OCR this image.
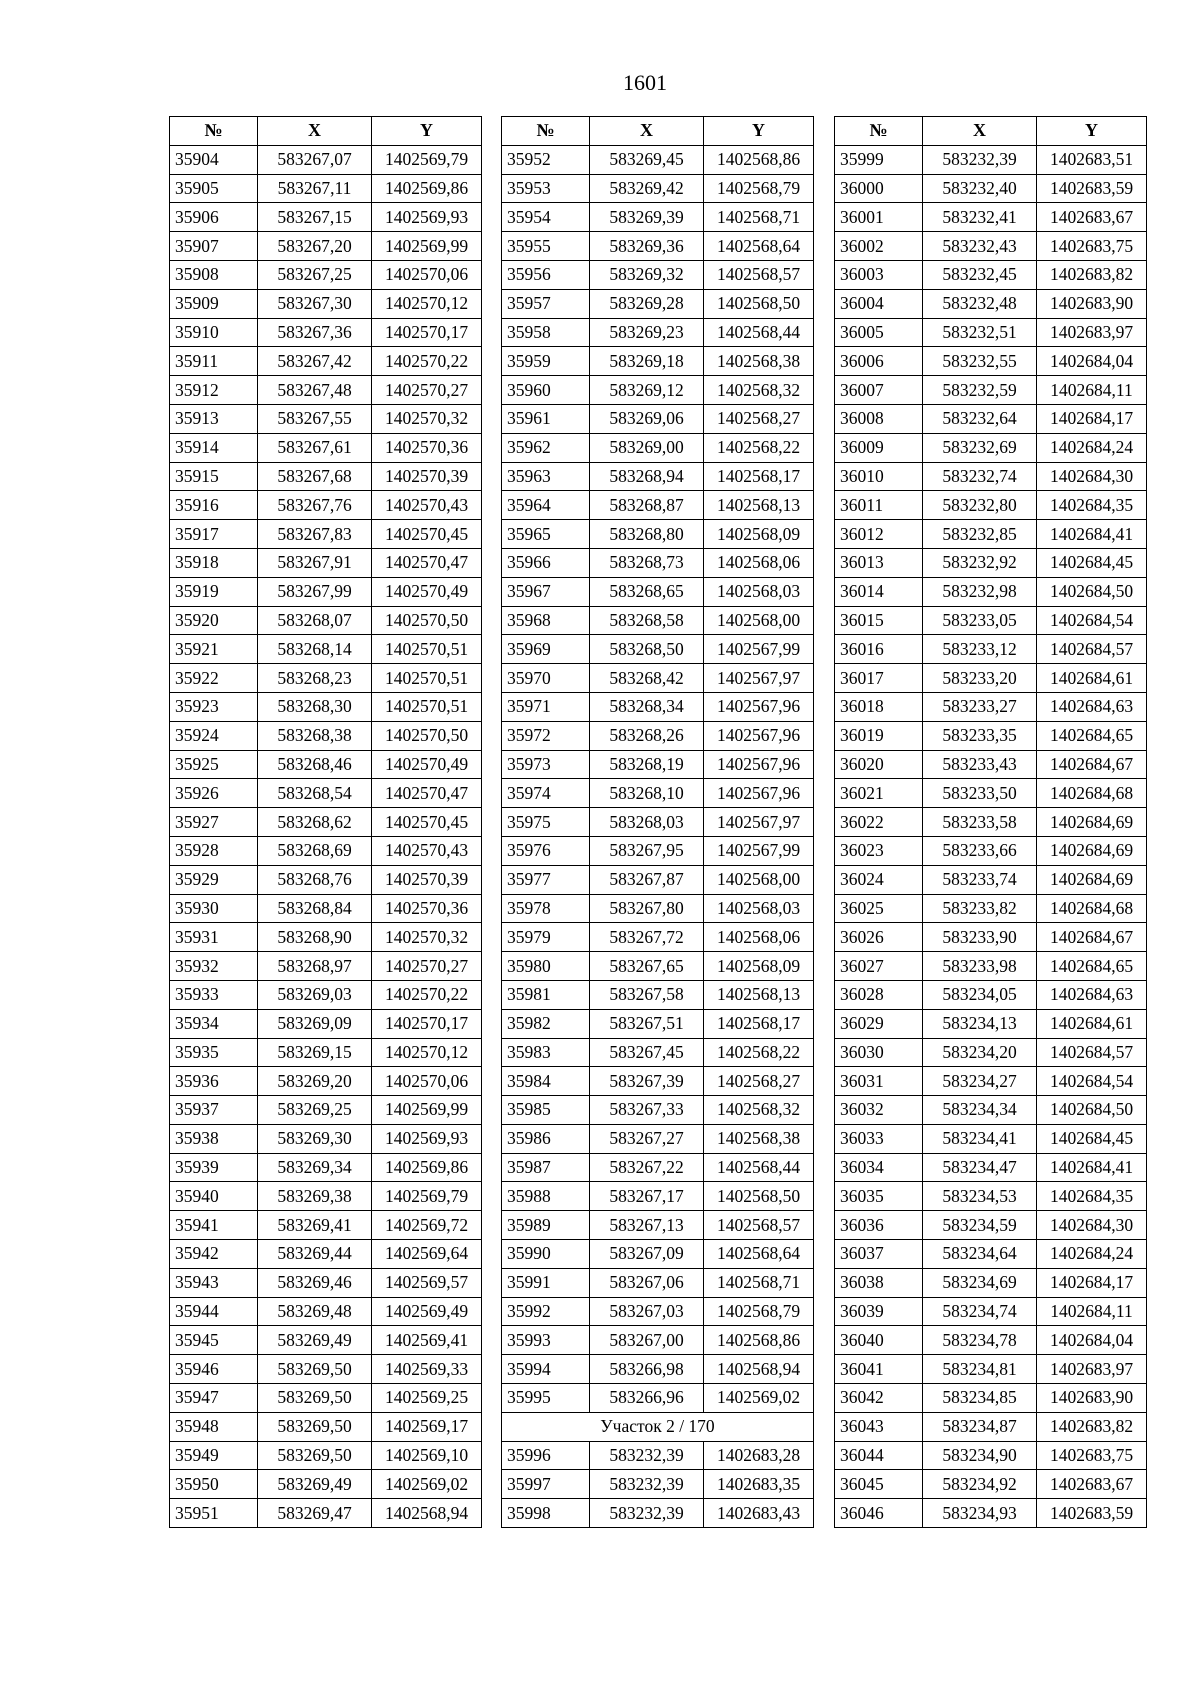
1601
№	X	Y
35904	583267,07	1402569,79
35905	583267,11	1402569,86
35906	583267,15	1402569,93
35907	583267,20	1402569,99
35908	583267,25	1402570,06
35909	583267,30	1402570,12
35910	583267,36	1402570,17
35911	583267,42	1402570,22
35912	583267,48	1402570,27
35913	583267,55	1402570,32
35914	583267,61	1402570,36
35915	583267,68	1402570,39
35916	583267,76	1402570,43
35917	583267,83	1402570,45
35918	583267,91	1402570,47
35919	583267,99	1402570,49
35920	583268,07	1402570,50
35921	583268,14	1402570,51
35922	583268,23	1402570,51
35923	583268,30	1402570,51
35924	583268,38	1402570,50
35925	583268,46	1402570,49
35926	583268,54	1402570,47
35927	583268,62	1402570,45
35928	583268,69	1402570,43
35929	583268,76	1402570,39
35930	583268,84	1402570,36
35931	583268,90	1402570,32
35932	583268,97	1402570,27
35933	583269,03	1402570,22
35934	583269,09	1402570,17
35935	583269,15	1402570,12
35936	583269,20	1402570,06
35937	583269,25	1402569,99
35938	583269,30	1402569,93
35939	583269,34	1402569,86
35940	583269,38	1402569,79
35941	583269,41	1402569,72
35942	583269,44	1402569,64
35943	583269,46	1402569,57
35944	583269,48	1402569,49
35945	583269,49	1402569,41
35946	583269,50	1402569,33
35947	583269,50	1402569,25
35948	583269,50	1402569,17
35949	583269,50	1402569,10
35950	583269,49	1402569,02
35951	583269,47	1402568,94
№	X	Y
35952	583269,45	1402568,86
35953	583269,42	1402568,79
35954	583269,39	1402568,71
35955	583269,36	1402568,64
35956	583269,32	1402568,57
35957	583269,28	1402568,50
35958	583269,23	1402568,44
35959	583269,18	1402568,38
35960	583269,12	1402568,32
35961	583269,06	1402568,27
35962	583269,00	1402568,22
35963	583268,94	1402568,17
35964	583268,87	1402568,13
35965	583268,80	1402568,09
35966	583268,73	1402568,06
35967	583268,65	1402568,03
35968	583268,58	1402568,00
35969	583268,50	1402567,99
35970	583268,42	1402567,97
35971	583268,34	1402567,96
35972	583268,26	1402567,96
35973	583268,19	1402567,96
35974	583268,10	1402567,96
35975	583268,03	1402567,97
35976	583267,95	1402567,99
35977	583267,87	1402568,00
35978	583267,80	1402568,03
35979	583267,72	1402568,06
35980	583267,65	1402568,09
35981	583267,58	1402568,13
35982	583267,51	1402568,17
35983	583267,45	1402568,22
35984	583267,39	1402568,27
35985	583267,33	1402568,32
35986	583267,27	1402568,38
35987	583267,22	1402568,44
35988	583267,17	1402568,50
35989	583267,13	1402568,57
35990	583267,09	1402568,64
35991	583267,06	1402568,71
35992	583267,03	1402568,79
35993	583267,00	1402568,86
35994	583266,98	1402568,94
35995	583266,96	1402569,02
Участок 2 / 170		
35996	583232,39	1402683,28
35997	583232,39	1402683,35
35998	583232,39	1402683,43
№	X	Y
35999	583232,39	1402683,51
36000	583232,40	1402683,59
36001	583232,41	1402683,67
36002	583232,43	1402683,75
36003	583232,45	1402683,82
36004	583232,48	1402683,90
36005	583232,51	1402683,97
36006	583232,55	1402684,04
36007	583232,59	1402684,11
36008	583232,64	1402684,17
36009	583232,69	1402684,24
36010	583232,74	1402684,30
36011	583232,80	1402684,35
36012	583232,85	1402684,41
36013	583232,92	1402684,45
36014	583232,98	1402684,50
36015	583233,05	1402684,54
36016	583233,12	1402684,57
36017	583233,20	1402684,61
36018	583233,27	1402684,63
36019	583233,35	1402684,65
36020	583233,43	1402684,67
36021	583233,50	1402684,68
36022	583233,58	1402684,69
36023	583233,66	1402684,69
36024	583233,74	1402684,69
36025	583233,82	1402684,68
36026	583233,90	1402684,67
36027	583233,98	1402684,65
36028	583234,05	1402684,63
36029	583234,13	1402684,61
36030	583234,20	1402684,57
36031	583234,27	1402684,54
36032	583234,34	1402684,50
36033	583234,41	1402684,45
36034	583234,47	1402684,41
36035	583234,53	1402684,35
36036	583234,59	1402684,30
36037	583234,64	1402684,24
36038	583234,69	1402684,17
36039	583234,74	1402684,11
36040	583234,78	1402684,04
36041	583234,81	1402683,97
36042	583234,85	1402683,90
36043	583234,87	1402683,82
36044	583234,90	1402683,75
36045	583234,92	1402683,67
36046	583234,93	1402683,59
